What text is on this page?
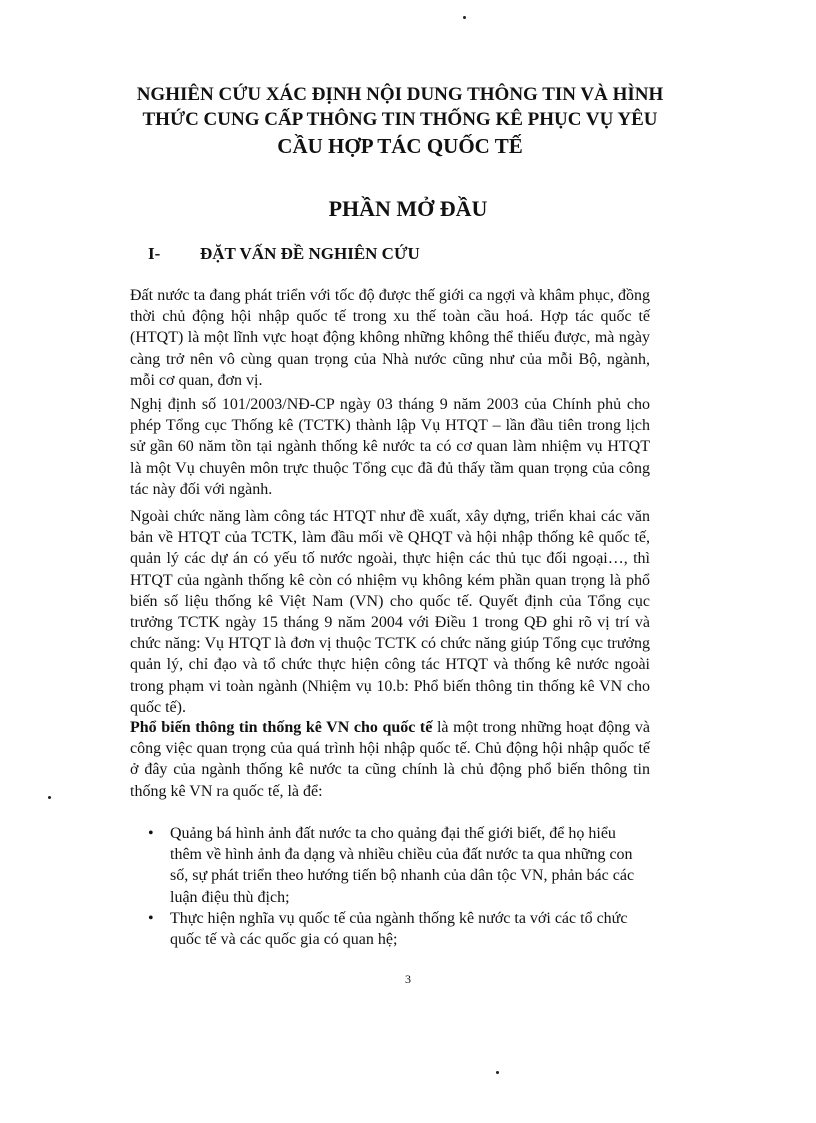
NGHIÊN CỨU XÁC ĐỊNH NỘI DUNG THÔNG TIN VÀ HÌNH
THỨC CUNG CẤP THÔNG TIN THỐNG KÊ PHỤC VỤ YÊU
CẦU HỢP TÁC QUỐC TẾ
PHẦN MỞ ĐẦU
I- ĐẶT VẤN ĐỀ NGHIÊN CỨU
Đất nước ta đang phát triển với tốc độ được thế giới ca ngợi và khâm phục, đồng thời chủ động hội nhập quốc tế trong xu thế toàn cầu hoá. Hợp tác quốc tế (HTQT) là một lĩnh vực hoạt động không những không thể thiếu được, mà ngày càng trở nên vô cùng quan trọng của Nhà nước cũng như của mỗi Bộ, ngành, mỗi cơ quan, đơn vị.
Nghị định số 101/2003/NĐ-CP ngày 03 tháng 9 năm 2003 của Chính phủ cho phép Tổng cục Thống kê (TCTK) thành lập Vụ HTQT – lần đầu tiên trong lịch sử gần 60 năm tồn tại ngành thống kê nước ta có cơ quan làm nhiệm vụ HTQT là một Vụ chuyên môn trực thuộc Tổng cục đã đủ thấy tầm quan trọng của công tác này đối với ngành.
Ngoài chức năng làm công tác HTQT như đề xuất, xây dựng, triển khai các văn bản về HTQT của TCTK, làm đầu mối về QHQT và hội nhập thống kê quốc tế, quản lý các dự án có yếu tố nước ngoài, thực hiện các thủ tục đối ngoại…, thì HTQT của ngành thống kê còn có nhiệm vụ không kém phần quan trọng là phổ biến số liệu thống kê Việt Nam (VN) cho quốc tế. Quyết định của Tổng cục trưởng TCTK ngày 15 tháng 9 năm 2004 với Điều 1 trong QĐ ghi rõ vị trí và chức năng: Vụ HTQT là đơn vị thuộc TCTK có chức năng giúp Tổng cục trưởng quản lý, chỉ đạo và tổ chức thực hiện công tác HTQT và thống kê nước ngoài trong phạm vi toàn ngành (Nhiệm vụ 10.b: Phổ biến thông tin thống kê VN cho quốc tế).
Phổ biến thông tin thống kê VN cho quốc tế là một trong những hoạt động và công việc quan trọng của quá trình hội nhập quốc tế. Chủ động hội nhập quốc tế ở đây của ngành thống kê nước ta cũng chính là chủ động phổ biến thông tin thống kê VN ra quốc tế, là để:
• Quảng bá hình ảnh đất nước ta cho quảng đại thế giới biết, để họ hiểu thêm về hình ảnh đa dạng và nhiều chiều của đất nước ta qua những con số, sự phát triển theo hướng tiến bộ nhanh của dân tộc VN, phản bác các luận điệu thù địch;
• Thực hiện nghĩa vụ quốc tế của ngành thống kê nước ta với các tổ chức quốc tế và các quốc gia có quan hệ;
3
